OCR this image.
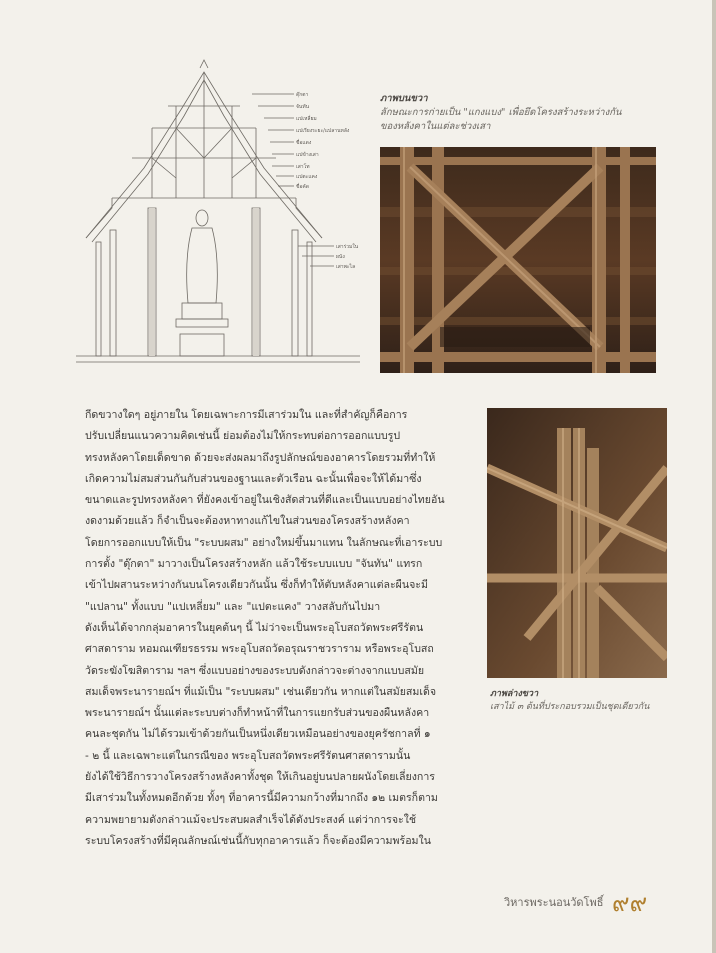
ดุ๊กตา
จันทัน
แปเหลี่ยม
แปเรียงระยะ/แปลานหลัง
ขื่อแดง
แปข้างเสา
เสาโท
แปตะแคง
ขื่อคัด
เสาร่วมใน
ผนัง
เสาพะไล
ภาพบนขวา
ลักษณะการก่ายเป็น "แกงแบง" เพื่อยึดโครงสร้างระหว่างกัน
ของหลังคาในแต่ละช่วงเสา
ภาพล่างขวา
เสาไม้ ๓ ต้นที่ประกอบรวมเป็นชุดเดียวกัน

กีดขวางใดๆ อยู่ภายใน โดยเฉพาะการมีเสาร่วมใน และที่สำคัญก็คือการ

ปรับเปลี่ยนแนวความคิดเช่นนี้ ย่อมต้องไม่ให้กระทบต่อการออกแบบรูป

ทรงหลังคาโดยเด็ดขาด ด้วยจะส่งผลมาถึงรูปลักษณ์ของอาคารโดยรวมที่ทำให้

เกิดความไม่สมส่วนกันกับส่วนของฐานและตัวเรือน ฉะนั้นเพื่อจะให้ได้มาซึ่ง

ขนาดและรูปทรงหลังคา ที่ยังคงเข้าอยู่ในเชิงสัดส่วนที่ดีและเป็นแบบอย่างไทยอัน

งดงามด้วยแล้ว ก็จำเป็นจะต้องหาทางแก้ไขในส่วนของโครงสร้างหลังคา

โดยการออกแบบให้เป็น "ระบบผสม" อย่างใหม่ขึ้นมาแทน ในลักษณะที่เอาระบบ

การตั้ง "ดุ๊กตา" มาวางเป็นโครงสร้างหลัก แล้วใช้ระบบแบบ "จันทัน" แทรก

เข้าไปผสานระหว่างกันบนโครงเดียวกันนั้น ซึ่งก็ทำให้ตับหลังคาแต่ละผืนจะมี

"แปลาน" ทั้งแบบ "แปเหลี่ยม" และ "แปตะแคง" วางสลับกันไปมา

ดังเห็นได้จากกลุ่มอาคารในยุคต้นๆ นี้ ไม่ว่าจะเป็นพระอุโบสถวัดพระศรีรัตน

ศาสดาราม หอมณเฑียรธรรม พระอุโบสถวัดอรุณราชวราราม หรือพระอุโบสถ

วัดระฆังโฆสิตาราม ฯลฯ ซึ่งแบบอย่างของระบบดังกล่าวจะต่างจากแบบสมัย

สมเด็จพระนารายณ์ฯ ที่แม้เป็น "ระบบผสม" เช่นเดียวกัน หากแต่ในสมัยสมเด็จ

พระนารายณ์ฯ นั้นแต่ละระบบต่างก็ทำหน้าที่ในการแยกรับส่วนของผืนหลังคา

คนละชุดกัน ไม่ได้รวมเข้าด้วยกันเป็นหนึ่งเดียวเหมือนอย่างของยุครัชกาลที่ ๑

- ๒ นี้ และเฉพาะแต่ในกรณีของ พระอุโบสถวัดพระศรีรัตนศาสดารามนั้น

ยังได้ใช้วิธีการวางโครงสร้างหลังคาทั้งชุด ให้เกินอยู่บนปลายผนังโดยเลี่ยงการ

มีเสาร่วมในทั้งหมดอีกด้วย ทั้งๆ ที่อาคารนี้มีความกว้างที่มากถึง ๑๒ เมตรก็ตาม

ความพยายามดังกล่าวแม้จะประสบผลสำเร็จได้ดังประสงค์ แต่ว่าการจะใช้

ระบบโครงสร้างที่มีคุณลักษณ์เช่นนี้กับทุกอาคารแล้ว ก็จะต้องมีความพร้อมใน

วิหารพระนอนวัดโพธิ์ ๙๙
